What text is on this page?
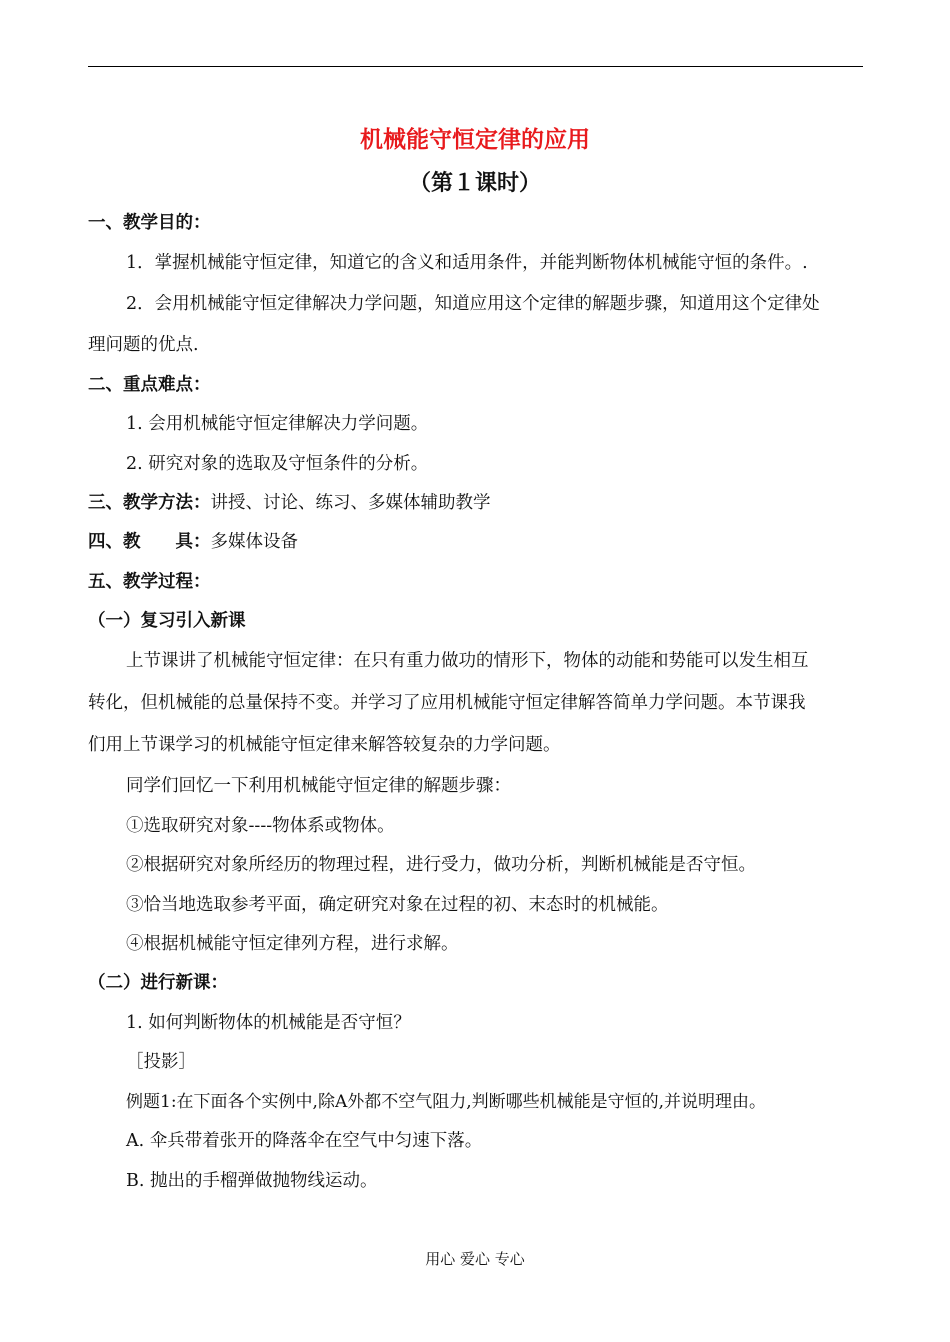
机械能守恒定律的应用
（第１课时）
一、教学目的：
1．掌握机械能守恒定律，知道它的含义和适用条件，并能判断物体机械能守恒的条件。.
2．会用机械能守恒定律解决力学问题，知道应用这个定律的解题步骤，知道用这个定律处
理问题的优点.
二、重点难点：
1. 会用机械能守恒定律解决力学问题。
2. 研究对象的选取及守恒条件的分析。
三、教学方法：讲授、讨论、练习、多媒体辅助教学
四、教　　具：多媒体设备
五、教学过程：
（一）复习引入新课
上节课讲了机械能守恒定律：在只有重力做功的情形下，物体的动能和势能可以发生相互
转化，但机械能的总量保持不变。并学习了应用机械能守恒定律解答简单力学问题。本节课我
们用上节课学习的机械能守恒定律来解答较复杂的力学问题。
同学们回忆一下利用机械能守恒定律的解题步骤：
①选取研究对象----物体系或物体。
②根据研究对象所经历的物理过程，进行受力，做功分析，判断机械能是否守恒。
③恰当地选取参考平面，确定研究对象在过程的初、末态时的机械能。
④根据机械能守恒定律列方程，进行求解。
（二）进行新课：
1. 如何判断物体的机械能是否守恒？
［投影］
例题1:在下面各个实例中,除A外都不空气阻力,判断哪些机械能是守恒的,并说明理由。
A. 伞兵带着张开的降落伞在空气中匀速下落。
B. 抛出的手榴弹做抛物线运动。
用心 爱心 专心
